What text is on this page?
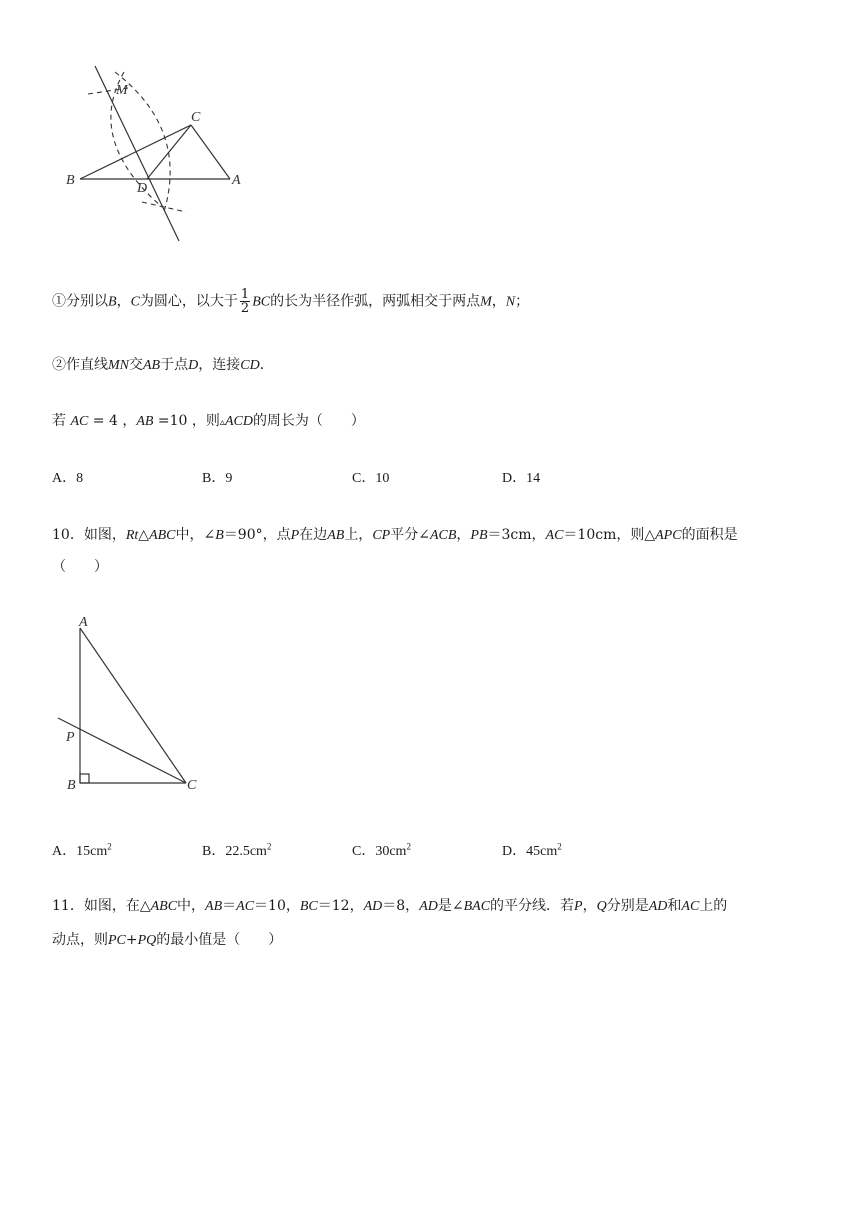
M
C
B
D
A
①分别以B，C为圆心，以大于 $\frac{1}{2}$ BC的长为半径作弧，两弧相交于两点M，N；
②作直线MN交AB于点D，连接CD．
若 AC = 4 ，AB =10 ，则▵ACD的周长为（　　）
A．8	B．9	C．10	D．14
10．如图，Rt△ABC中，∠B＝90°，点P在边AB上，CP平分∠ACB，PB＝3cm，AC＝10cm，则△APC的面积是
（　　）
A
P
B	C
A．$15cm^2$	B．$22.5cm^2$	C．$30cm^2$	D．$45cm^2$
11．如图，在△ABC中，AB＝AC＝10，BC＝12，AD＝8，AD是∠BAC的平分线．若P，Q分别是AD和AC上的
动点，则PC+PQ的最小值是（　　）
